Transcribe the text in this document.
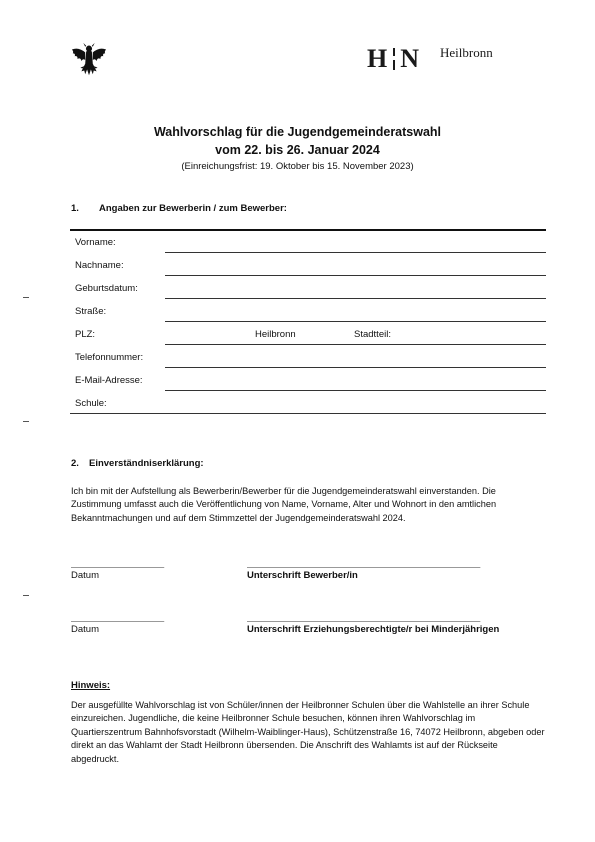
H N Heilbronn
Wahlvorschlag für die Jugendgemeinderatswahl
vom 22. bis 26. Januar 2024
(Einreichungsfrist: 19. Oktober bis 15. November 2023)
1. Angaben zur Bewerberin / zum Bewerber:
Vorname:
Nachname:
Geburtsdatum:
Straße:
PLZ:	Heilbronn	Stadtteil:
Telefonnummer:
E-Mail-Adresse:
Schule:
2. Einverständniserklärung:
Ich bin mit der Aufstellung als Bewerberin/Bewerber für die Jugendgemeinderatswahl einverstanden. Die Zustimmung umfasst auch die Veröffentlichung von Name, Vorname, Alter und Wohnort in den amtlichen Bekanntmachungen und auf dem Stimmzettel der Jugendgemeinderatswahl 2024.
_______________________
Datum
__________________________________________________________
Unterschrift Bewerber/in
_______________________
Datum
__________________________________________________________
Unterschrift Erziehungsberechtigte/r bei Minderjährigen
Hinweis:
Der ausgefüllte Wahlvorschlag ist von Schüler/innen der Heilbronner Schulen über die Wahlstelle an ihrer Schule einzureichen. Jugendliche, die keine Heilbronner Schule besuchen, können ihren Wahlvorschlag im Quartierszentrum Bahnhofsvorstadt (Wilhelm-Waiblinger-Haus), Schützenstraße 16, 74072 Heilbronn, abgeben oder direkt an das Wahlamt der Stadt Heilbronn übersenden. Die Anschrift des Wahlamts ist auf der Rückseite abgedruckt.
